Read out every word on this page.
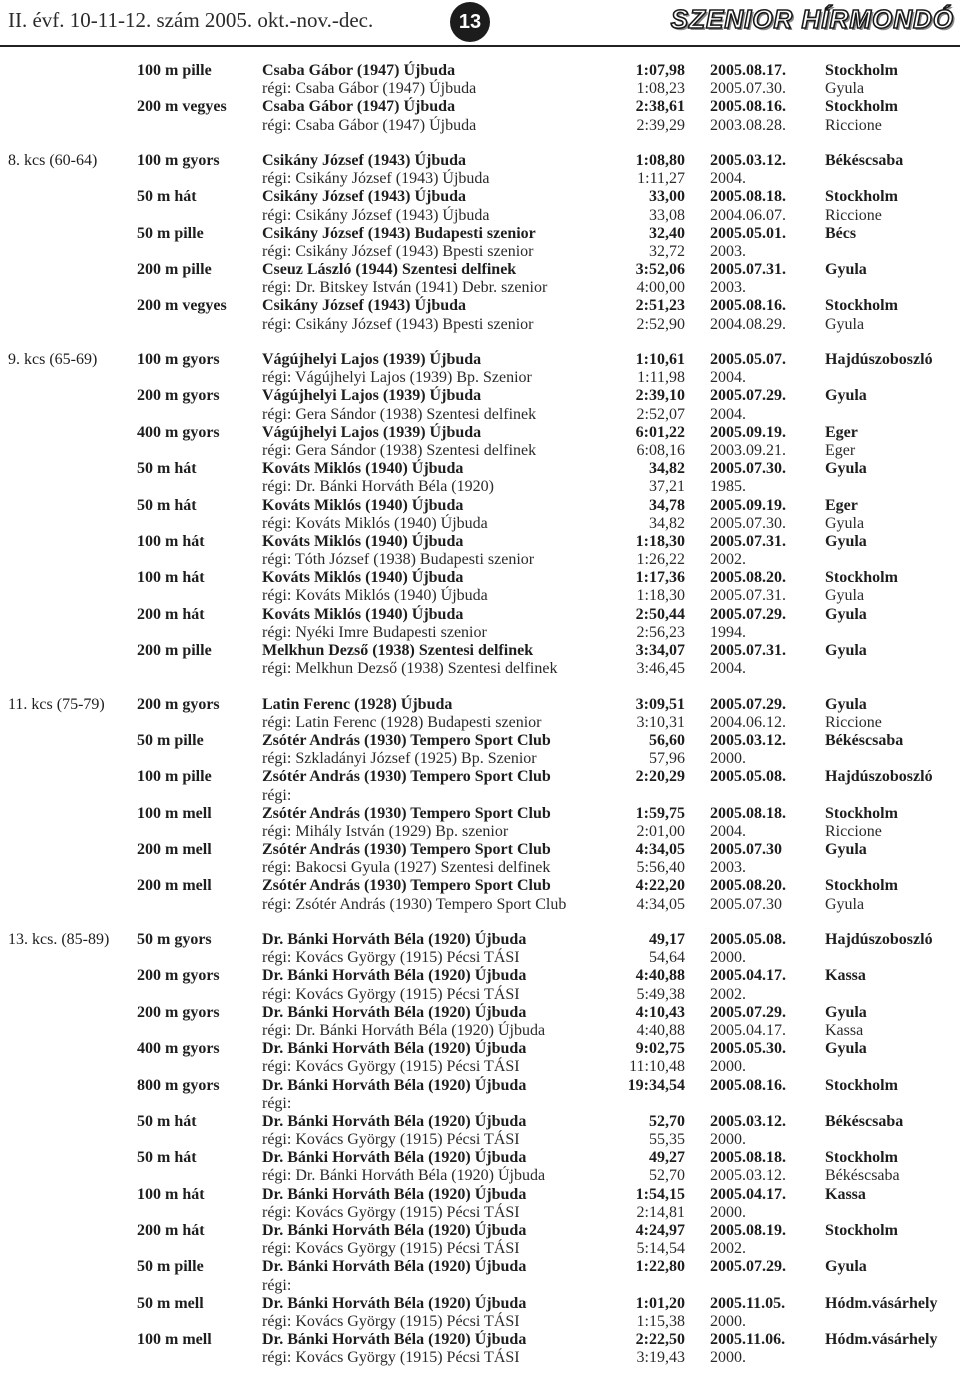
II. évf. 10-11-12. szám 2005. okt.-nov.-dec.	13	SZENIOR HÍRMONDÓ
100 m pille	Csaba Gábor (1947) Újbuda	1:07,98 2005.08.17. Stockholm
régi: Csaba Gábor (1947) Újbuda	1:08,23 2005.07.30. Gyula
200 m vegyes Csaba Gábor (1947) Újbuda	2:38,61 2005.08.16. Stockholm
régi: Csaba Gábor (1947) Újbuda	2:39,29 2003.08.28. Riccione
8. kcs (60-64) 100 m gyors	Csikány József (1943) Újbuda	1:08,80 2005.03.12. Békéscsaba
régi: Csikány József (1943) Újbuda	1:11,27 2004.
50 m hát	Csikány József (1943) Újbuda	33,00 2005.08.18. Stockholm
régi: Csikány József (1943) Újbuda	33,08 2004.06.07. Riccione
50 m pille	Csikány József (1943) Budapesti szenior	32,40 2005.05.01. Bécs
régi: Csikány József (1943) Bpesti szenior	32,72 2003.
200 m pille	Cseuz László (1944) Szentesi delfinek	3:52,06 2005.07.31. Gyula
régi: Dr. Bitskey István (1941) Debr. szenior	4:00,00 2003.
200 m vegyes Csikány József (1943) Újbuda	2:51,23 2005.08.16. Stockholm
régi: Csikány József (1943) Bpesti szenior	2:52,90 2004.08.29. Gyula
9. kcs (65-69) 100 m gyors	Vágújhelyi Lajos (1939) Újbuda	1:10,61 2005.05.07. Hajdúszoboszló
régi: Vágújhelyi Lajos (1939) Bp. Szenior	1:11,98 2004.
200 m gyors	Vágújhelyi Lajos (1939) Újbuda	2:39,10 2005.07.29. Gyula
régi: Gera Sándor (1938) Szentesi delfinek	2:52,07 2004.
400 m gyors	Vágújhelyi Lajos (1939) Újbuda	6:01,22 2005.09.19. Eger
régi: Gera Sándor (1938) Szentesi delfinek	6:08,16 2003.09.21. Eger
50 m hát	Kováts Miklós (1940) Újbuda	34,82 2005.07.30. Gyula
régi: Dr. Bánki Horváth Béla (1920)	37,21 1985.
50 m hát	Kováts Miklós (1940) Újbuda	34,78 2005.09.19. Eger
régi: Kováts Miklós (1940) Újbuda	34,82 2005.07.30. Gyula
100 m hát	Kováts Miklós (1940) Újbuda	1:18,30 2005.07.31. Gyula
régi: Tóth József (1938) Budapesti szenior	1:26,22 2002.
100 m hát	Kováts Miklós (1940) Újbuda	1:17,36 2005.08.20. Stockholm
régi: Kováts Miklós (1940) Újbuda	1:18,30 2005.07.31. Gyula
200 m hát	Kováts Miklós (1940) Újbuda	2:50,44 2005.07.29. Gyula
régi: Nyéki Imre Budapesti szenior	2:56,23 1994.
200 m pille	Melkhun Dezső (1938) Szentesi delfinek	3:34,07 2005.07.31. Gyula
régi: Melkhun Dezső (1938) Szentesi delfinek	3:46,45 2004.
11. kcs (75-79) 200 m gyors	Latin Ferenc (1928) Újbuda	3:09,51 2005.07.29. Gyula
régi: Latin Ferenc (1928) Budapesti szenior	3:10,31 2004.06.12. Riccione
50 m pille	Zsótér András (1930) Tempero Sport Club	56,60 2005.03.12. Békéscsaba
régi: Szkladányi József (1925) Bp. Szenior	57,96 2000.
100 m pille	Zsótér András (1930) Tempero Sport Club	2:20,29 2005.05.08. Hajdúszoboszló
régi:
100 m mell	Zsótér András (1930) Tempero Sport Club	1:59,75 2005.08.18. Stockholm
régi: Mihály István (1929) Bp. szenior	2:01,00 2004.	Riccione
200 m mell	Zsótér András (1930) Tempero Sport Club	4:34,05 2005.07.30	Gyula
régi: Bakocsi Gyula (1927) Szentesi delfinek	5:56,40 2003.
200 m mell	Zsótér András (1930) Tempero Sport Club	4:22,20 2005.08.20. Stockholm
régi: Zsótér András (1930) Tempero Sport Club	4:34,05 2005.07.30	Gyula
13. kcs. (85-89) 50 m gyors	Dr. Bánki Horváth Béla (1920) Újbuda	49,17 2005.05.08. Hajdúszoboszló
régi: Kovács György (1915) Pécsi TÁSI	54,64 2000.
200 m gyors	Dr. Bánki Horváth Béla (1920) Újbuda	4:40,88 2005.04.17. Kassa
régi: Kovács György (1915) Pécsi TÁSI	5:49,38 2002.
200 m gyors	Dr. Bánki Horváth Béla (1920) Újbuda	4:10,43 2005.07.29. Gyula
régi: Dr. Bánki Horváth Béla (1920) Újbuda	4:40,88 2005.04.17. Kassa
400 m gyors	Dr. Bánki Horváth Béla (1920) Újbuda	9:02,75 2005.05.30. Gyula
régi: Kovács György (1915) Pécsi TÁSI	11:10,48 2000.
800 m gyors	Dr. Bánki Horváth Béla (1920) Újbuda	19:34,54 2005.08.16. Stockholm
régi:
50 m hát	Dr. Bánki Horváth Béla (1920) Újbuda	52,70 2005.03.12. Békéscsaba
régi: Kovács György (1915) Pécsi TÁSI	55,35 2000.
50 m hát	Dr. Bánki Horváth Béla (1920) Újbuda	49,27 2005.08.18. Stockholm
régi: Dr. Bánki Horváth Béla (1920) Újbuda	52,70 2005.03.12. Békéscsaba
100 m hát	Dr. Bánki Horváth Béla (1920) Újbuda	1:54,15 2005.04.17. Kassa
régi: Kovács György (1915) Pécsi TÁSI	2:14,81 2000.
200 m hát	Dr. Bánki Horváth Béla (1920) Újbuda	4:24,97 2005.08.19. Stockholm
régi: Kovács György (1915) Pécsi TÁSI	5:14,54 2002.
50 m pille	Dr. Bánki Horváth Béla (1920) Újbuda	1:22,80 2005.07.29. Gyula
régi:
50 m mell	Dr. Bánki Horváth Béla (1920) Újbuda	1:01,20 2005.11.05. Hódm.vásárhely
régi: Kovács György (1915) Pécsi TÁSI	1:15,38 2000.
100 m mell	Dr. Bánki Horváth Béla (1920) Újbuda	2:22,50 2005.11.06. Hódm.vásárhely
régi: Kovács György (1915) Pécsi TÁSI	3:19,43 2000.
